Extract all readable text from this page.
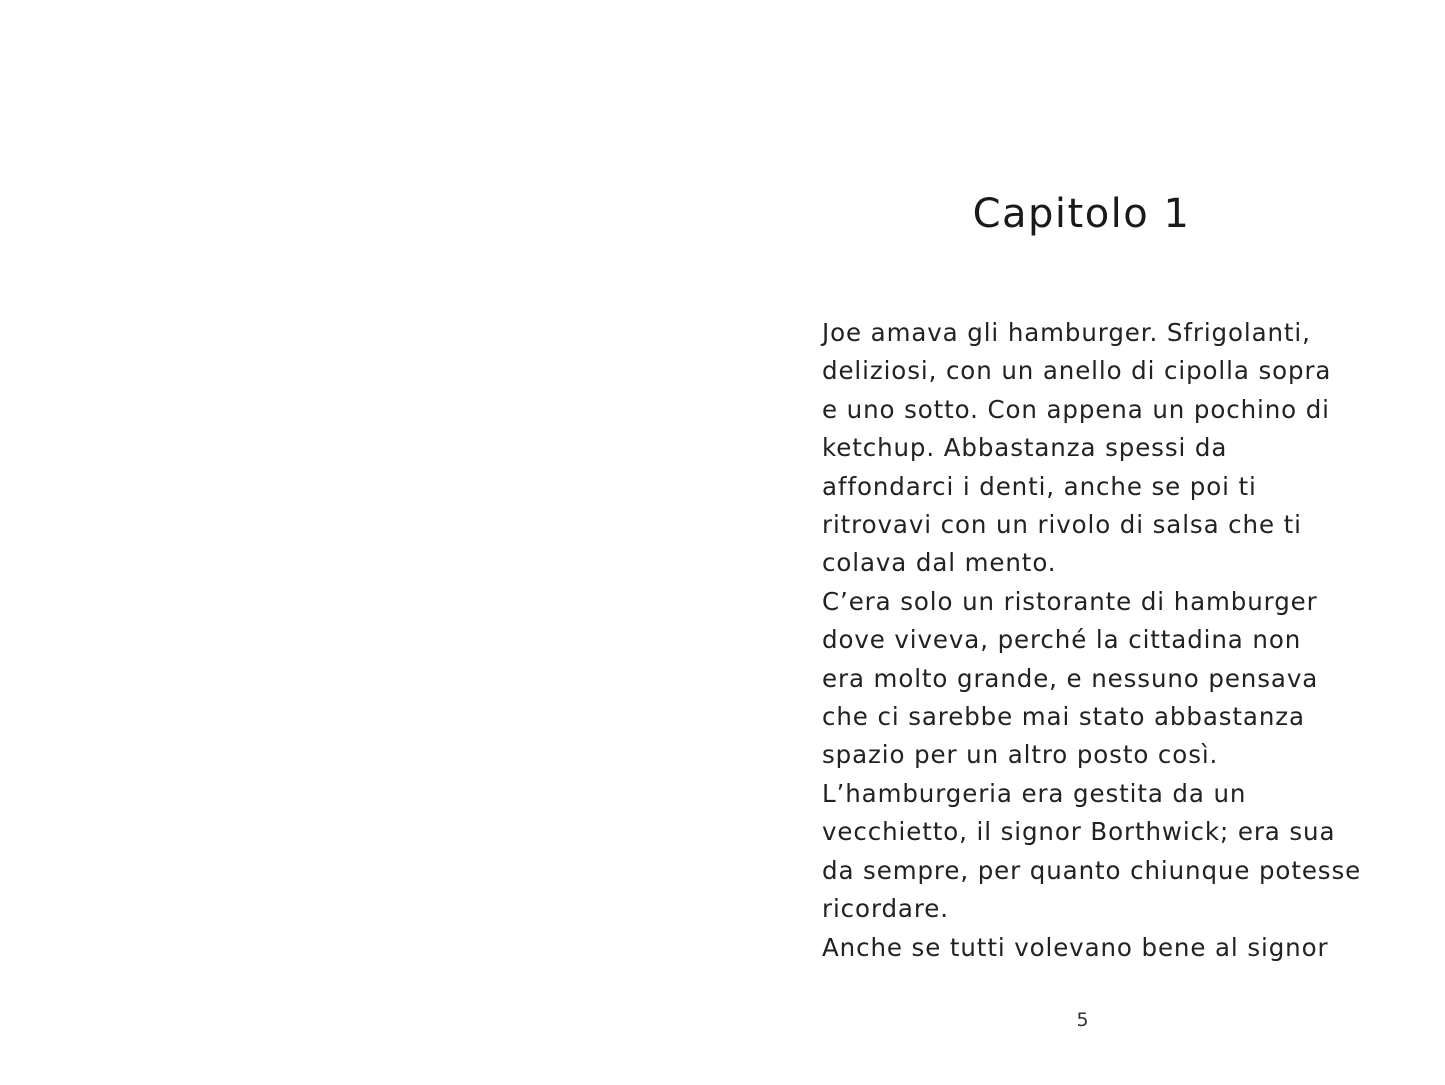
Capitolo 1
Joe amava gli hamburger. Sfrigolanti,
deliziosi, con un anello di cipolla sopra
e uno sotto. Con appena un pochino di
ketchup. Abbastanza spessi da
affondarci i denti, anche se poi ti
ritrovavi con un rivolo di salsa che ti
colava dal mento.
C’era solo un ristorante di hamburger
dove viveva, perché la cittadina non
era molto grande, e nessuno pensava
che ci sarebbe mai stato abbastanza
spazio per un altro posto così.
L’hamburgeria era gestita da un
vecchietto, il signor Borthwick; era sua
da sempre, per quanto chiunque potesse
ricordare.
Anche se tutti volevano bene al signor
5
